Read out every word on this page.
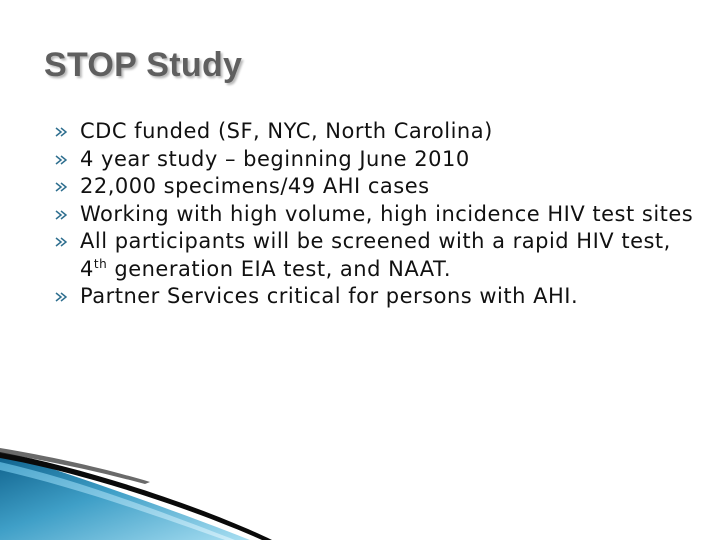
STOP Study
CDC funded (SF, NYC, North Carolina)
4 year study – beginning June 2010
22,000 specimens/49 AHI cases
Working with high volume, high incidence HIV test sites
All participants will be screened with a rapid HIV test, 4th generation EIA test, and NAAT.
Partner Services critical for persons with AHI.
